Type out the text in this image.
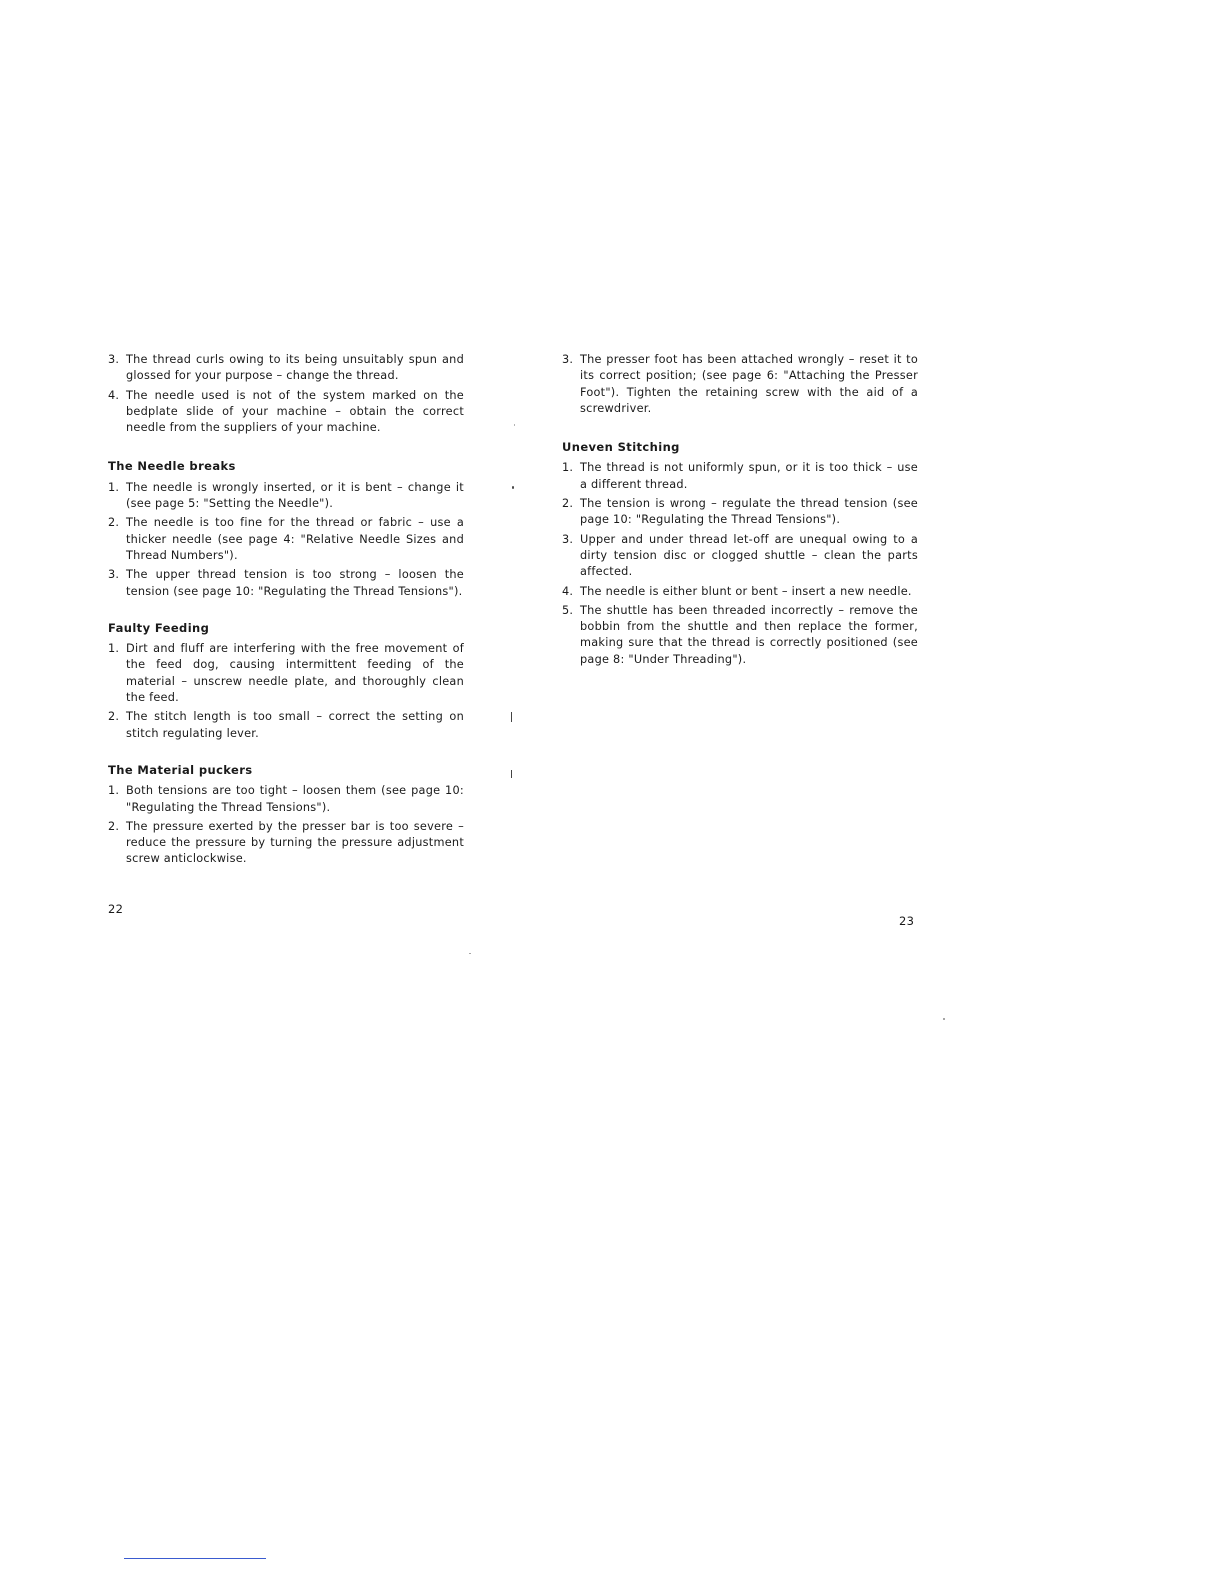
3. The thread curls owing to its being unsuitably spun and glossed for your purpose – change the thread.
4. The needle used is not of the system marked on the bedplate slide of your machine – obtain the correct needle from the suppliers of your machine.
The Needle breaks
1. The needle is wrongly inserted, or it is bent – change it (see page 5: "Setting the Needle").
2. The needle is too fine for the thread or fabric – use a thicker needle (see page 4: "Relative Needle Sizes and Thread Numbers").
3. The upper thread tension is too strong – loosen the tension (see page 10: "Regulating the Thread Tensions").
Faulty Feeding
1. Dirt and fluff are interfering with the free movement of the feed dog, causing intermittent feeding of the material – unscrew needle plate, and thoroughly clean the feed.
2. The stitch length is too small – correct the setting on stitch regulating lever.
The Material puckers
1. Both tensions are too tight – loosen them (see page 10: "Regulating the Thread Tensions").
2. The pressure exerted by the presser bar is too severe – reduce the pressure by turning the pressure adjustment screw anticlockwise.
22
3. The presser foot has been attached wrongly – reset it to its correct position; (see page 6: "Attaching the Presser Foot"). Tighten the retaining screw with the aid of a screwdriver.
Uneven Stitching
1. The thread is not uniformly spun, or it is too thick – use a different thread.
2. The tension is wrong – regulate the thread tension (see page 10: "Regulating the Thread Tensions").
3. Upper and under thread let-off are unequal owing to a dirty tension disc or clogged shuttle – clean the parts affected.
4. The needle is either blunt or bent – insert a new needle.
5. The shuttle has been threaded incorrectly – remove the bobbin from the shuttle and then replace the former, making sure that the thread is correctly positioned (see page 8: "Under Threading").
23
